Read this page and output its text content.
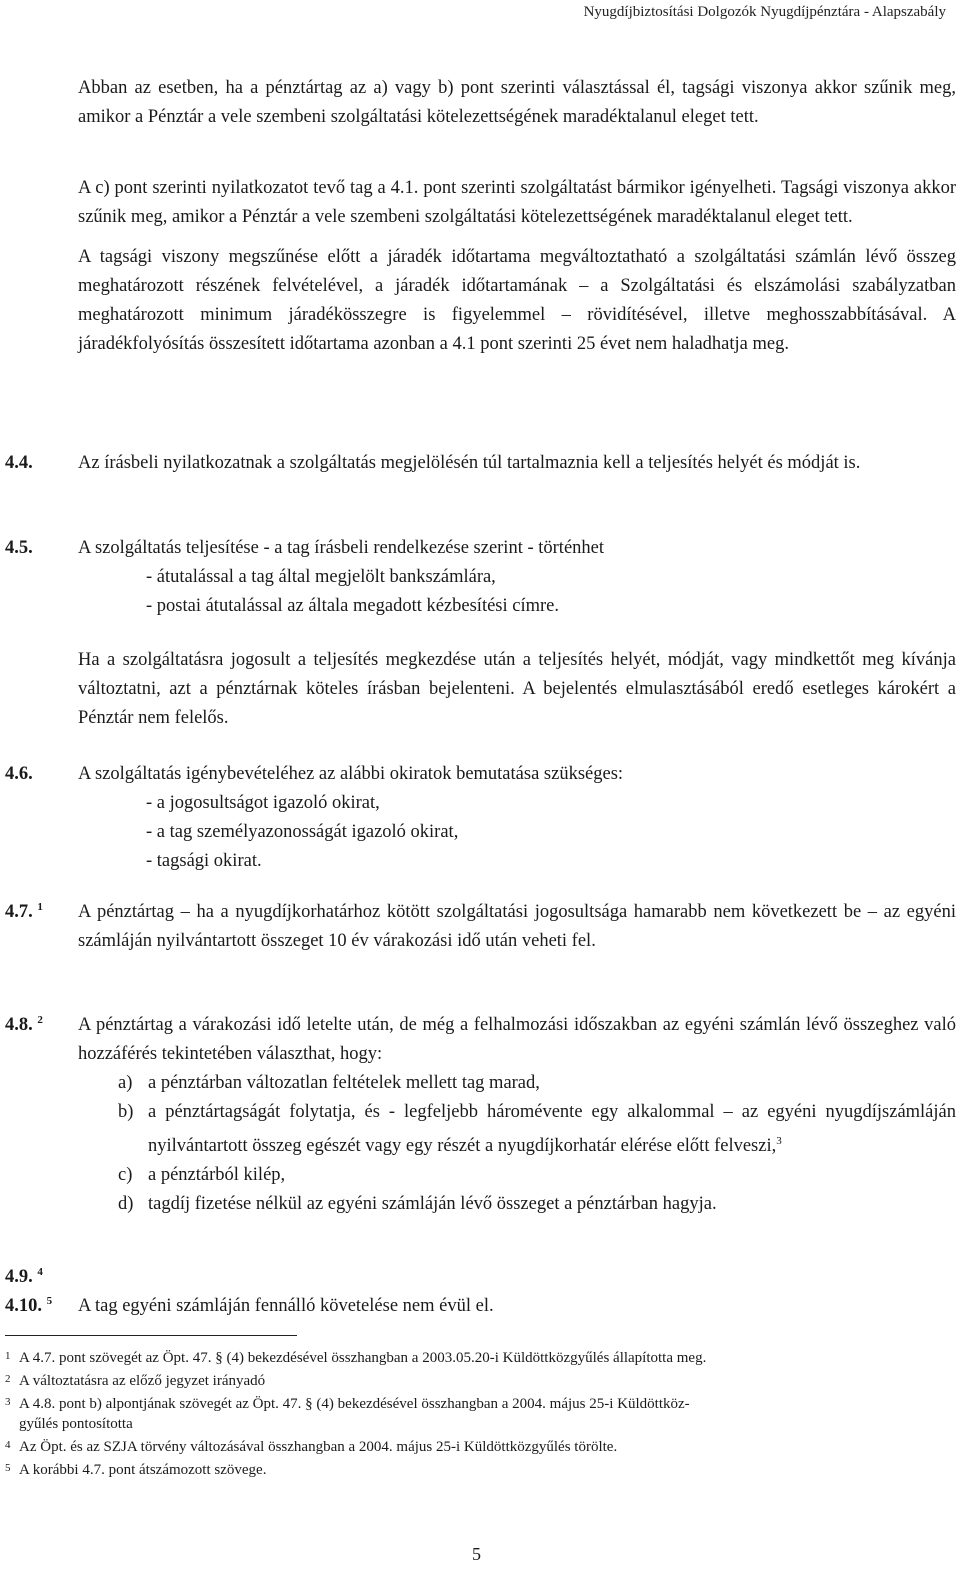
Nyugdíjbiztosítási Dolgozók Nyugdíjpénztára - Alapszabály

Abban az esetben, ha a pénztártag az a) vagy b) pont szerinti választással él, tagsági viszonya akkor szűnik meg, amikor a Pénztár a vele szembeni szolgáltatási kötelezettségének maradéktalanul eleget tett.

A c) pont szerinti nyilatkozatot tevő tag a 4.1. pont szerinti szolgáltatást bármikor igényelheti. Tagsági viszonya akkor szűnik meg, amikor a Pénztár a vele szembeni szolgáltatási kötelezettségének maradéktalanul eleget tett.

A tagsági viszony megszűnése előtt a járadék időtartama megváltoztatható a szolgáltatási számlán lévő összeg meghatározott részének felvételével, a járadék időtartamának – a Szolgáltatási és elszámolási szabályzatban meghatározott minimum járadékösszegre is figyelemmel – rövidítésével, illetve meghosszabbításával. A járadékfolyósítás összesített időtartama azonban a 4.1 pont szerinti 25 évet nem haladhatja meg.

4.4. Az írásbeli nyilatkozatnak a szolgáltatás megjelölésén túl tartalmaznia kell a teljesítés helyét és módját is.

4.5. A szolgáltatás teljesítése - a tag írásbeli rendelkezése szerint - történhet
- átutalással a tag által megjelölt bankszámlára,
- postai átutalással az általa megadott kézbesítési címre.

Ha a szolgáltatásra jogosult a teljesítés megkezdése után a teljesítés helyét, módját, vagy mindkettőt meg kívánja változtatni, azt a pénztárnak köteles írásban bejelenteni. A bejelentés elmulasztásából eredő esetleges károkért a Pénztár nem felelős.

4.6. A szolgáltatás igénybevételéhez az alábbi okiratok bemutatása szükséges:
- a jogosultságot igazoló okirat,
- a tag személyazonosságát igazoló okirat,
- tagsági okirat.
4.7. $^1$ A pénztártag – ha a nyugdíjkorhatárhoz kötött szolgáltatási jogosultsága hamarabb nem következett be – az egyéni számláján nyilvántartott összeget 10 év várakozási idő után veheti fel.

4.8. $^2$ A pénztártag a várakozási idő letelte után, de még a felhalmozási időszakban az egyéni számlán lévő összeghez való hozzáférés tekintetében választhat, hogy:
a) a pénztárban változatlan feltételek mellett tag marad,
b) a pénztártagságát folytatja, és - legfeljebb háromévente egy alkalommal – az egyéni nyugdíjszámláján nyilvántartott összeg egészét vagy egy részét a nyugdíjkorhatár elérése előtt felveszi,$^3$
c) a pénztárból kilép,
d) tagdíj fizetése nélkül az egyéni számláján lévő összeget a pénztárban hagyja.
4.9. $^4$
4.10. $^5$ A tag egyéni számláján fennálló követelése nem évül el.

1 A 4.7. pont szövegét az Öpt. 47. § (4) bekezdésével összhangban a 2003.05.20-i Küldöttközgyűlés állapította meg.

2 A változtatásra az előző jegyzet irányadó

3 A 4.8. pont b) alpontjának szövegét az Öpt. 47. § (4) bekezdésével összhangban a 2004. május 25-i Küldöttköz-
gyűlés pontosította

4 Az Öpt. és az SZJA törvény változásával összhangban a 2004. május 25-i Küldöttközgyűlés törölte.

5 A korábbi 4.7. pont átszámozott szövege.

5
